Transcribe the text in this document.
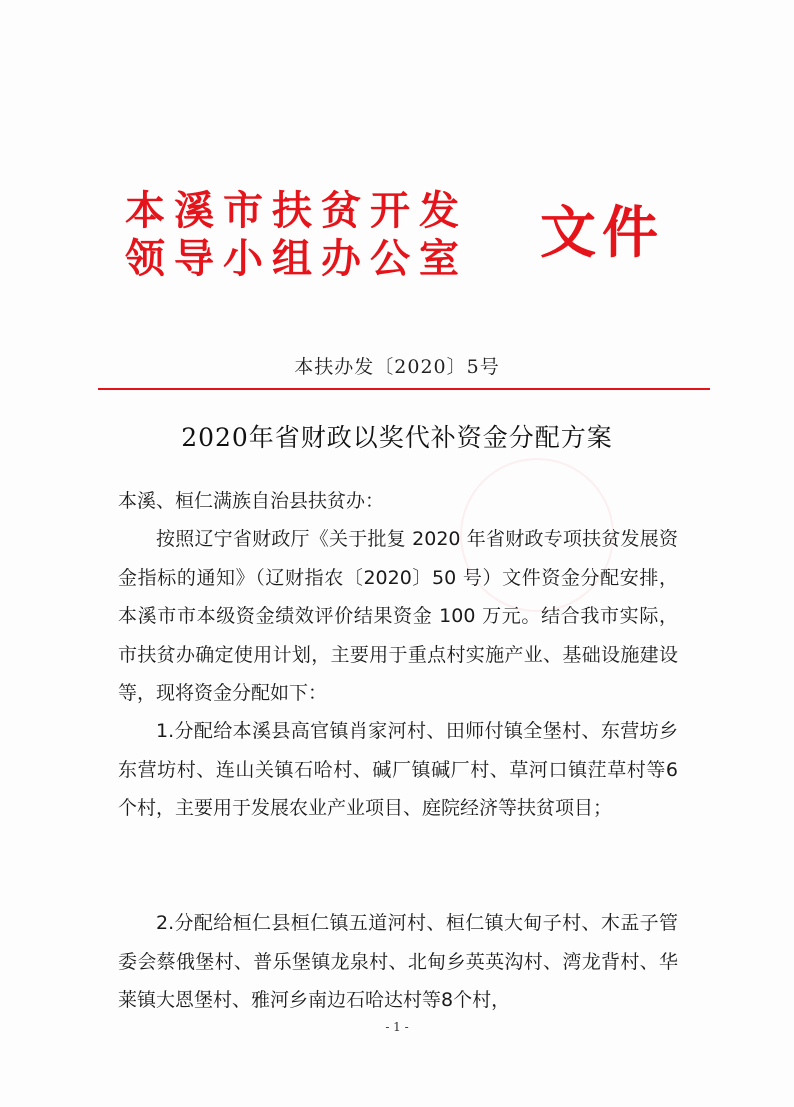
本溪市扶贫开发
领导小组办公室 文件
本扶办发〔2020〕5号
2020年省财政以奖代补资金分配方案
本溪、桓仁满族自治县扶贫办：
按照辽宁省财政厅《关于批复 2020 年省财政专项扶贫发展资金指标的通知》（辽财指农〔2020〕50 号）文件资金分配安排，本溪市市本级资金绩效评价结果资金 100 万元。结合我市实际，市扶贫办确定使用计划，主要用于重点村实施产业、基础设施建设等，现将资金分配如下：
1.分配给本溪县高官镇肖家河村、田师付镇全堡村、东营坊乡东营坊村、连山关镇石哈村、碱厂镇碱厂村、草河口镇茳草村等6个村，主要用于发展农业产业项目、庭院经济等扶贫项目；
2.分配给桓仁县桓仁镇五道河村、桓仁镇大甸子村、木盂子管委会蔡俄堡村、普乐堡镇龙泉村、北甸乡英英沟村、湾龙背村、华莱镇大恩堡村、雅河乡南边石哈达村等8个村，
- 1 -
